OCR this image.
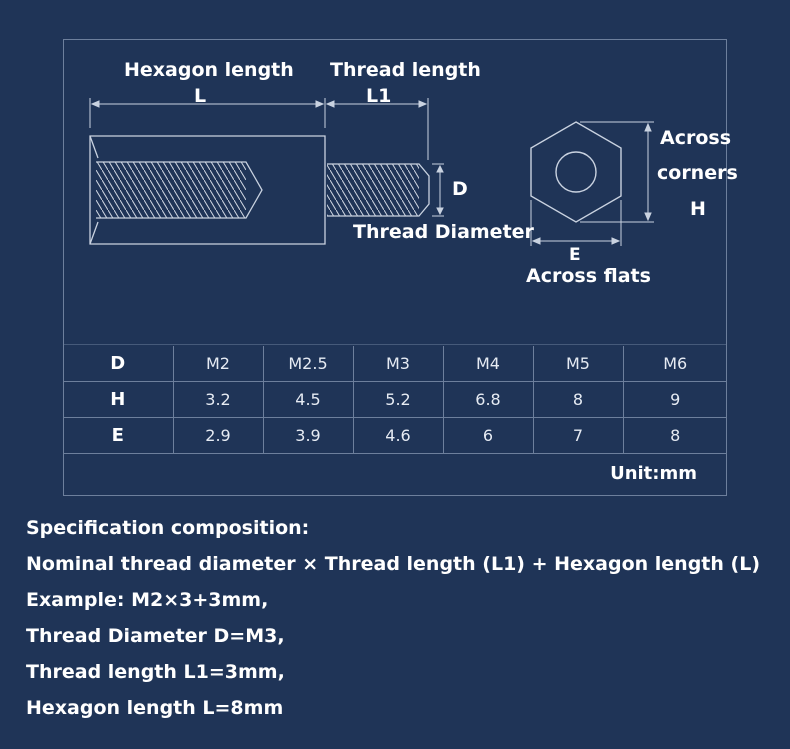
Hexagon length
L
Thread length
L1
D
Thread Diameter
Across
corners
H
E
Across flats
D	M2	M2.5	M3	M4	M5	M6
H	3.2	4.5	5.2	6.8	8	9
E	2.9	3.9	4.6	6	7	8
Unit:mm						
Specification composition:
Nominal thread diameter × Thread length (L1) + Hexagon length (L)
Example: M2×3+3mm,
Thread Diameter D=M3,
Thread length L1=3mm,
Hexagon length L=8mm
